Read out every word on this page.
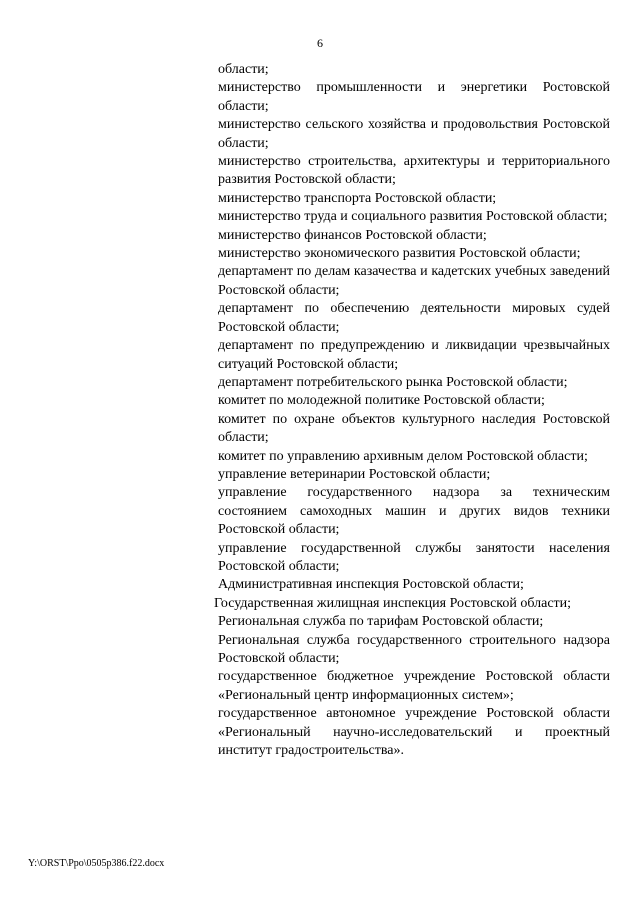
6

области;

министерство промышленности и энергетики Ростовской области;

министерство сельского хозяйства и продовольствия Ростовской области;

министерство строительства, архитектуры и территориального развития Ростовской области;

министерство транспорта Ростовской области;

министерство труда и социального развития Ростовской области;

министерство финансов Ростовской области;

министерство экономического развития Ростовской области;

департамент по делам казачества и кадетских учебных заведений Ростовской области;

департамент по обеспечению деятельности мировых судей Ростовской области;

департамент по предупреждению и ликвидации чрезвычайных ситуаций Ростовской области;

департамент потребительского рынка Ростовской области;

комитет по молодежной политике Ростовской области;

комитет по охране объектов культурного наследия Ростовской области;

комитет по управлению архивным делом Ростовской области;

управление ветеринарии Ростовской области;

управление государственного надзора за техническим состоянием самоходных машин и других видов техники Ростовской области;

управление государственной службы занятости населения Ростовской области;

Административная инспекция Ростовской области;

Государственная жилищная инспекция Ростовской области;

Региональная служба по тарифам Ростовской области;

Региональная служба государственного строительного надзора Ростовской области;

государственное бюджетное учреждение Ростовской области «Региональный центр информационных систем»;

государственное автономное учреждение Ростовской области «Региональный научно-исследовательский и проектный институт градостроительства».

Y:\ORST\Ppo\0505p386.f22.docx
